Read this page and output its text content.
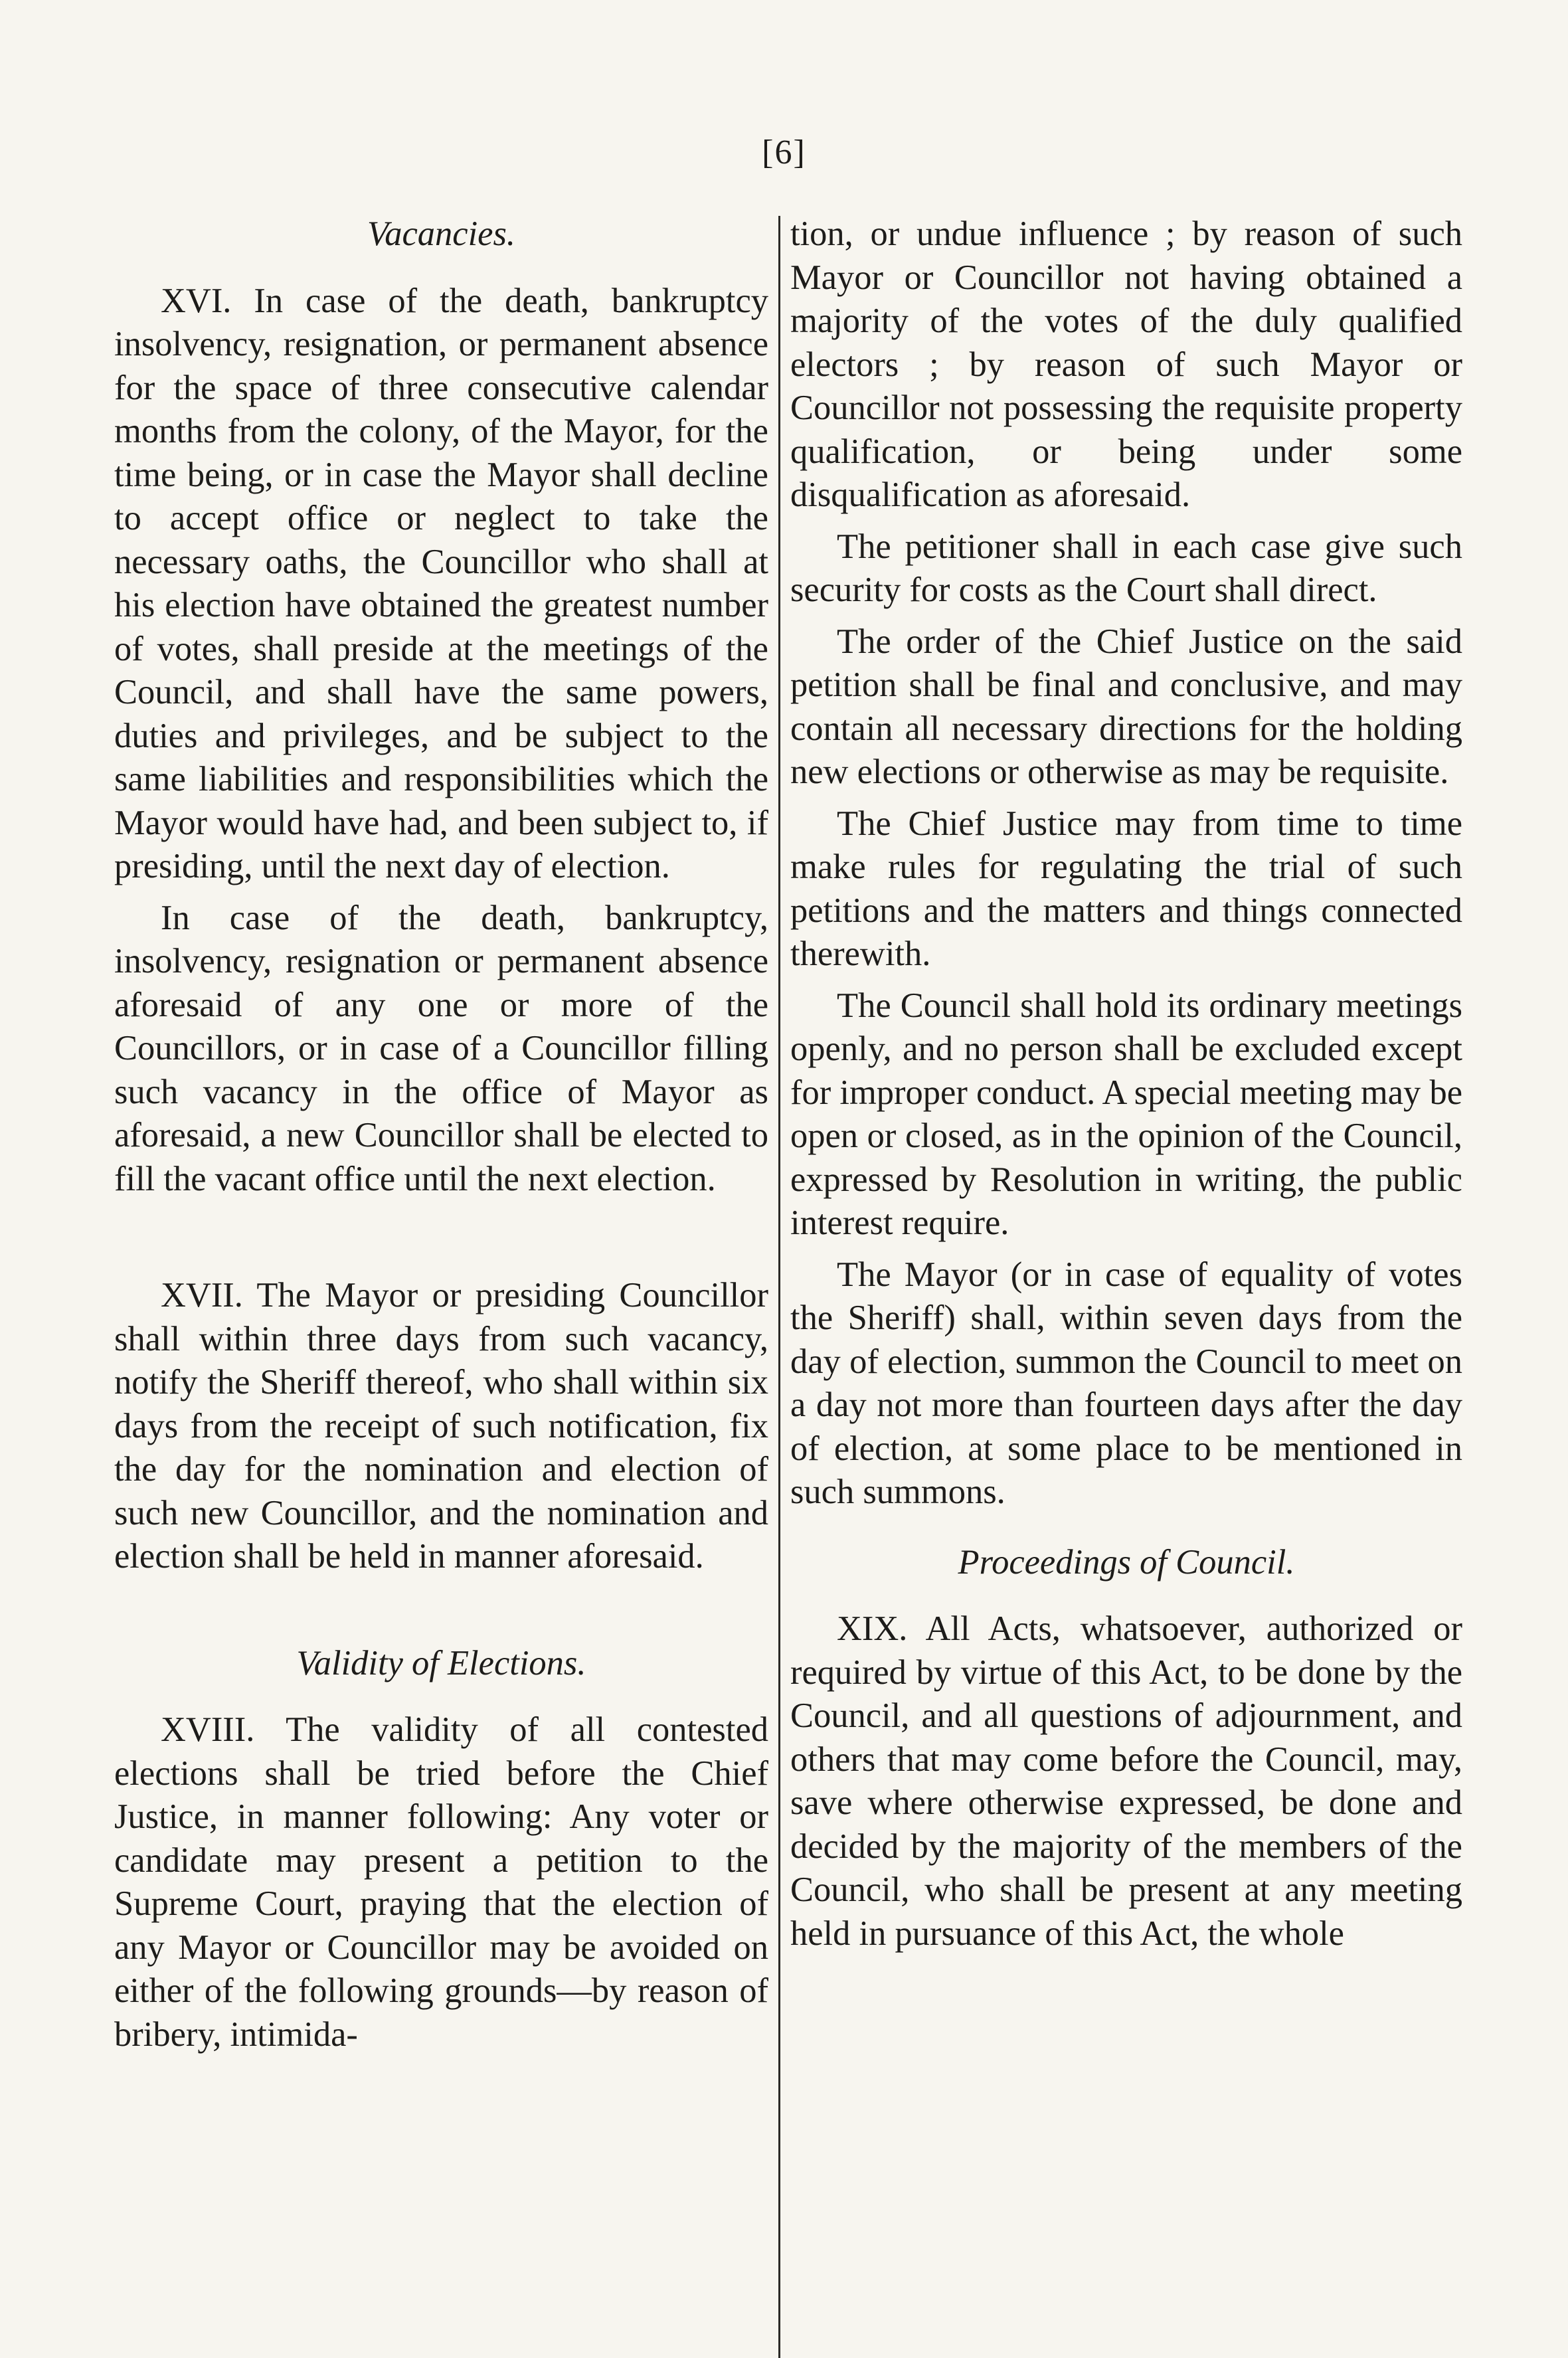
[6]
Vacancies.

XVI. In case of the death, bankruptcy insolvency, resignation, or permanent absence for the space of three consecutive calendar months from the colony, of the Mayor, for the time being, or in case the Mayor shall decline to accept office or neglect to take the necessary oaths, the Councillor who shall at his election have obtained the greatest number of votes, shall preside at the meetings of the Council, and shall have the same powers, duties and privileges, and be subject to the same liabilities and responsibilities which the Mayor would have had, and been subject to, if presiding, until the next day of election.

In case of the death, bankruptcy, insolvency, resignation or permanent absence aforesaid of any one or more of the Councillors, or in case of a Councillor filling such vacancy in the office of Mayor as aforesaid, a new Councillor shall be elected to fill the vacant office until the next election.

XVII. The Mayor or presiding Councillor shall within three days from such vacancy, notify the Sheriff thereof, who shall within six days from the receipt of such notification, fix the day for the nomination and election of such new Councillor, and the nomination and election shall be held in manner aforesaid.

Validity of Elections.

XVIII. The validity of all contested elections shall be tried before the Chief Justice, in manner following: Any voter or candidate may present a petition to the Supreme Court, praying that the election of any Mayor or Councillor may be avoided on either of the following grounds—by reason of bribery, intimida-

tion, or undue influence ; by reason of such Mayor or Councillor not having obtained a majority of the votes of the duly qualified electors ; by reason of such Mayor or Councillor not possessing the requisite property qualification, or being under some disqualification as aforesaid.

The petitioner shall in each case give such security for costs as the Court shall direct.

The order of the Chief Justice on the said petition shall be final and conclusive, and may contain all necessary directions for the holding new elections or otherwise as may be requisite.

The Chief Justice may from time to time make rules for regulating the trial of such petitions and the matters and things connected therewith.

The Council shall hold its ordinary meetings openly, and no person shall be excluded except for improper conduct. A special meeting may be open or closed, as in the opinion of the Council, expressed by Resolution in writing, the public interest require.

The Mayor (or in case of equality of votes the Sheriff) shall, within seven days from the day of election, summon the Council to meet on a day not more than fourteen days after the day of election, at some place to be mentioned in such summons.

Proceedings of Council.

XIX. All Acts, whatsoever, authorized or required by virtue of this Act, to be done by the Council, and all questions of adjournment, and others that may come before the Council, may, save where otherwise expressed, be done and decided by the majority of the members of the Council, who shall be present at any meeting held in pursuance of this Act, the whole
